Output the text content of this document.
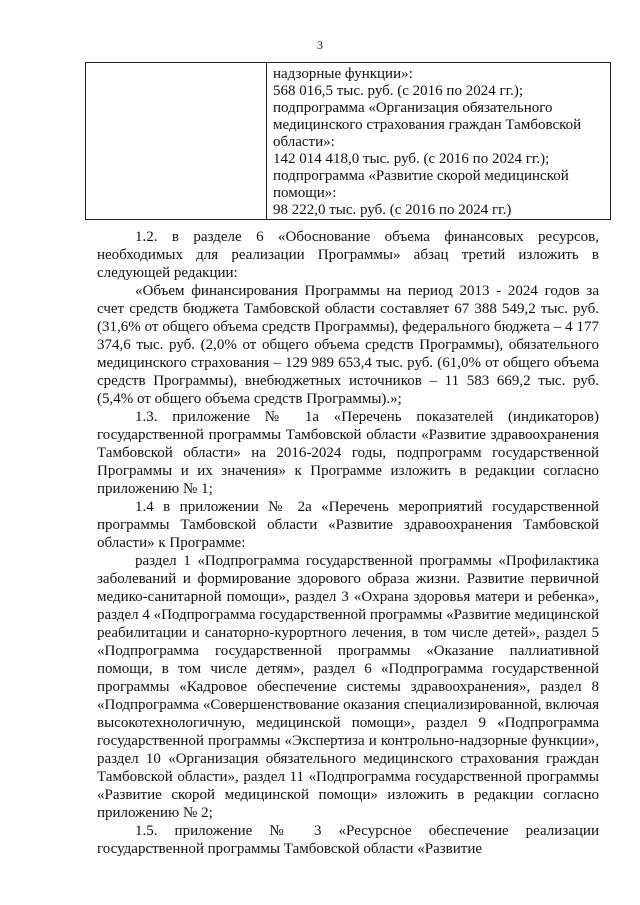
3
надзорные функции»:
568 016,5 тыс. руб. (с 2016 по 2024 гг.);
подпрограмма «Организация обязательного
медицинского страхования граждан Тамбовской
области»:
142 014 418,0 тыс. руб. (с 2016 по 2024 гг.);
подпрограмма «Развитие скорой медицинской
помощи»:
98 222,0 тыс. руб. (с 2016 по 2024 гг.)

1.2. в разделе 6 «Обоснование объема финансовых ресурсов, необходимых для реализации Программы» абзац третий изложить в следующей редакции:

«Объем финансирования Программы на период 2013 - 2024 годов за счет средств бюджета Тамбовской области составляет 67 388 549,2 тыс. руб. (31,6% от общего объема средств Программы), федерального бюджета – 4 177 374,6 тыс. руб. (2,0% от общего объема средств Программы), обязательного медицинского страхования – 129 989 653,4 тыс. руб. (61,0% от общего объема средств Программы), внебюджетных источников – 11 583 669,2 тыс. руб. (5,4% от общего объема средств Программы).»;

1.3. приложение № 1а «Перечень показателей (индикаторов) государственной программы Тамбовской области «Развитие здравоохранения Тамбовской области» на 2016-2024 годы, подпрограмм государственной Программы и их значения» к Программе изложить в редакции согласно приложению № 1;

1.4 в приложении № 2а «Перечень мероприятий государственной программы Тамбовской области «Развитие здравоохранения Тамбовской области» к Программе:

раздел 1 «Подпрограмма государственной программы «Профилактика заболеваний и формирование здорового образа жизни. Развитие первичной медико-санитарной помощи», раздел 3 «Охрана здоровья матери и ребенка», раздел 4 «Подпрограмма государственной программы «Развитие медицинской реабилитации и санаторно-курортного лечения, в том числе детей», раздел 5 «Подпрограмма государственной программы «Оказание паллиативной помощи, в том числе детям», раздел 6 «Подпрограмма государственной программы «Кадровое обеспечение системы здравоохранения», раздел 8 «Подпрограмма «Совершенствование оказания специализированной, включая высокотехнологичную, медицинской помощи», раздел 9 «Подпрограмма государственной программы «Экспертиза и контрольно-надзорные функции», раздел 10 «Организация обязательного медицинского страхования граждан Тамбовской области», раздел 11 «Подпрограмма государственной программы «Развитие скорой медицинской помощи» изложить в редакции согласно приложению № 2;

1.5. приложение № 3 «Ресурсное обеспечение реализации государственной программы Тамбовской области «Развитие
